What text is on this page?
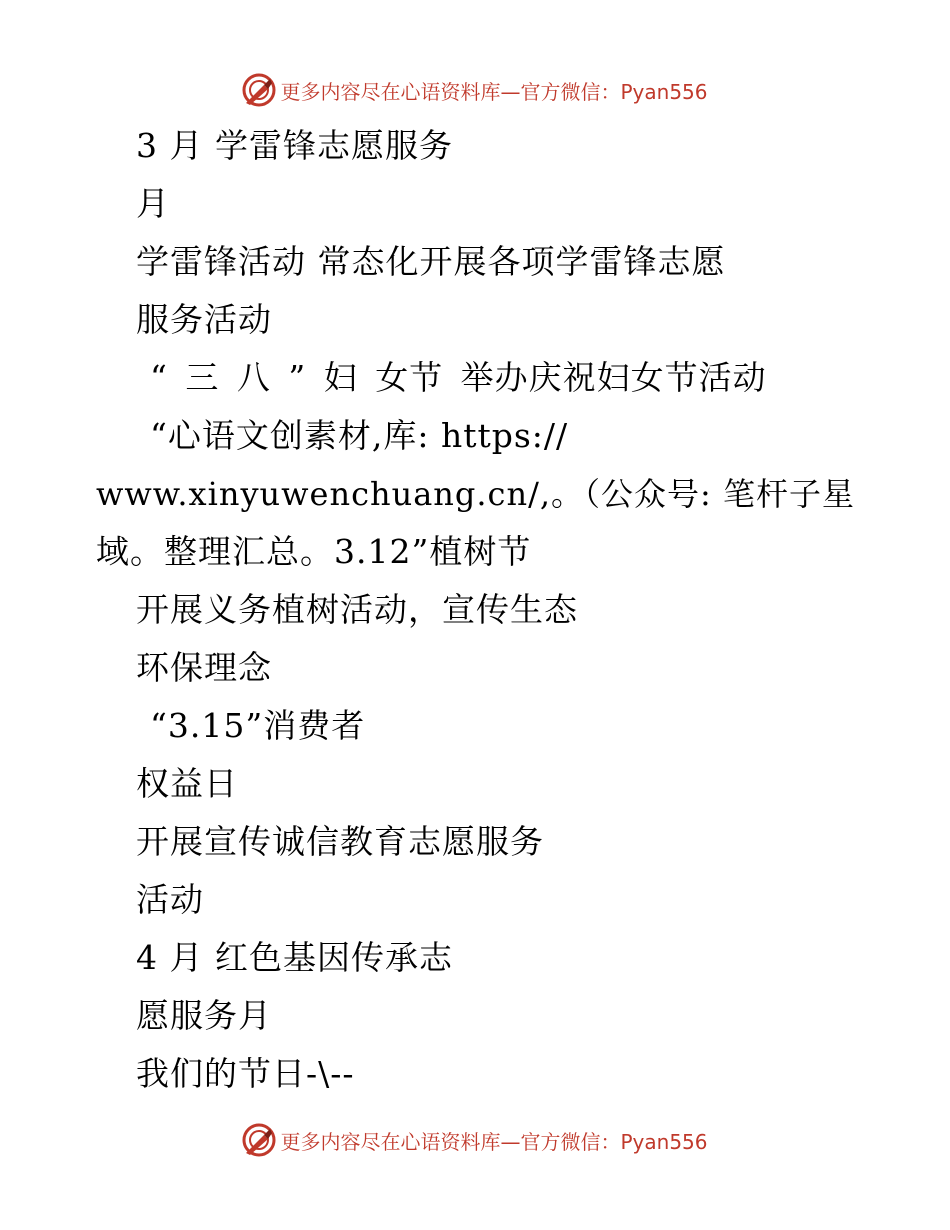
更多内容尽在心语资料库—官方微信：Pyan556
3 月 学雷锋志愿服务
月
学雷锋活动 常态化开展各项学雷锋志愿
服务活动
“ 三 八 ” 妇 女节 举办庆祝妇女节活动
“心语文创素材,库: https://
www.xinyuwenchuang.cn/,。（公众号: 笔杆子星
域。整理汇总。3.12”植树节
开展义务植树活动，宣传生态
环保理念
“3.15”消费者
权益日
开展宣传诚信教育志愿服务
活动
4 月 红色基因传承志
愿服务月
我们的节日-\--
更多内容尽在心语资料库—官方微信：Pyan556
